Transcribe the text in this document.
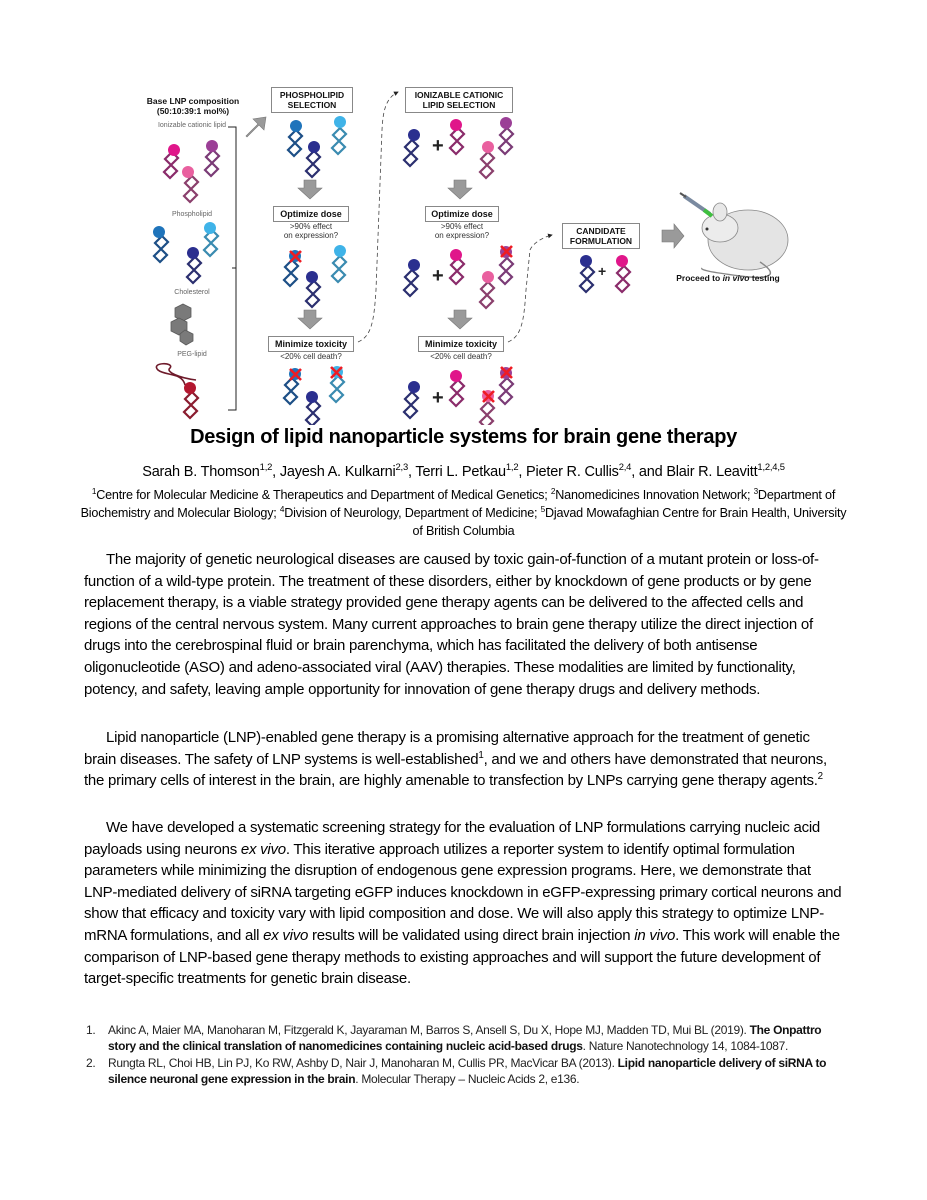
+
+
+
+
Base LNP composition
(50:10:39:1 mol%)
Ionizable cationic lipid
Phospholipid
Cholesterol
PEG-lipid
PHOSPHOLIPID
SELECTION
Optimize dose
>90% effect
on expression?
Minimize toxicity
<20% cell death?
IONIZABLE CATIONIC
LIPID SELECTION
Optimize dose
>90% effect
on expression?
Minimize toxicity
<20% cell death?
CANDIDATE
FORMULATION
Proceed to in vivo testing
Design of lipid nanoparticle systems for brain gene therapy
Sarah B. Thomson$^{1,2}$, Jayesh A. Kulkarni$^{2,3}$, Terri L. Petkau$^{1,2}$, Pieter R. Cullis$^{2,4}$, and Blair R. Leavitt$^{1,2,4,5}$
$^1$Centre for Molecular Medicine & Therapeutics and Department of Medical Genetics; $^2$Nanomedicines Innovation Network; $^3$Department of Biochemistry and Molecular Biology; $^4$Division of Neurology, Department of Medicine; $^5$Djavad Mowafaghian Centre for Brain Health, University of British Columbia

The majority of genetic neurological diseases are caused by toxic gain-of-function of a mutant protein or loss-of-function of a wild-type protein. The treatment of these disorders, either by knockdown of gene products or by gene replacement therapy, is a viable strategy provided gene therapy agents can be delivered to the affected cells and regions of the central nervous system. Many current approaches to brain gene therapy utilize the direct injection of drugs into the cerebrospinal fluid or brain parenchyma, which has facilitated the delivery of both antisense oligonucleotide (ASO) and adeno-associated viral (AAV) therapies. These modalities are limited by functionality, potency, and safety, leaving ample opportunity for innovation of gene therapy drugs and delivery methods.

Lipid nanoparticle (LNP)-enabled gene therapy is a promising alternative approach for the treatment of genetic brain diseases. The safety of LNP systems is well-established$^1$, and we and others have demonstrated that neurons, the primary cells of interest in the brain, are highly amenable to transfection by LNPs carrying gene therapy agents.$^2$

We have developed a systematic screening strategy for the evaluation of LNP formulations carrying nucleic acid payloads using neurons ex vivo. This iterative approach utilizes a reporter system to identify optimal formulation parameters while minimizing the disruption of endogenous gene expression programs. Here, we demonstrate that LNP-mediated delivery of siRNA targeting eGFP induces knockdown in eGFP-expressing primary cortical neurons and show that efficacy and toxicity vary with lipid composition and dose. We will also apply this strategy to optimize LNP-mRNA formulations, and all ex vivo results will be validated using direct brain injection in vivo. This work will enable the comparison of LNP-based gene therapy methods to existing approaches and will support the future development of target-specific treatments for genetic brain disease.

1. Akinc A, Maier MA, Manoharan M, Fitzgerald K, Jayaraman M, Barros S, Ansell S, Du X, Hope MJ, Madden TD, Mui BL (2019). The Onpattro story and the clinical translation of nanomedicines containing nucleic acid-based drugs. Nature Nanotechnology 14, 1084-1087.
2. Rungta RL, Choi HB, Lin PJ, Ko RW, Ashby D, Nair J, Manoharan M, Cullis PR, MacVicar BA (2013). Lipid nanoparticle delivery of siRNA to silence neuronal gene expression in the brain. Molecular Therapy – Nucleic Acids 2, e136.
